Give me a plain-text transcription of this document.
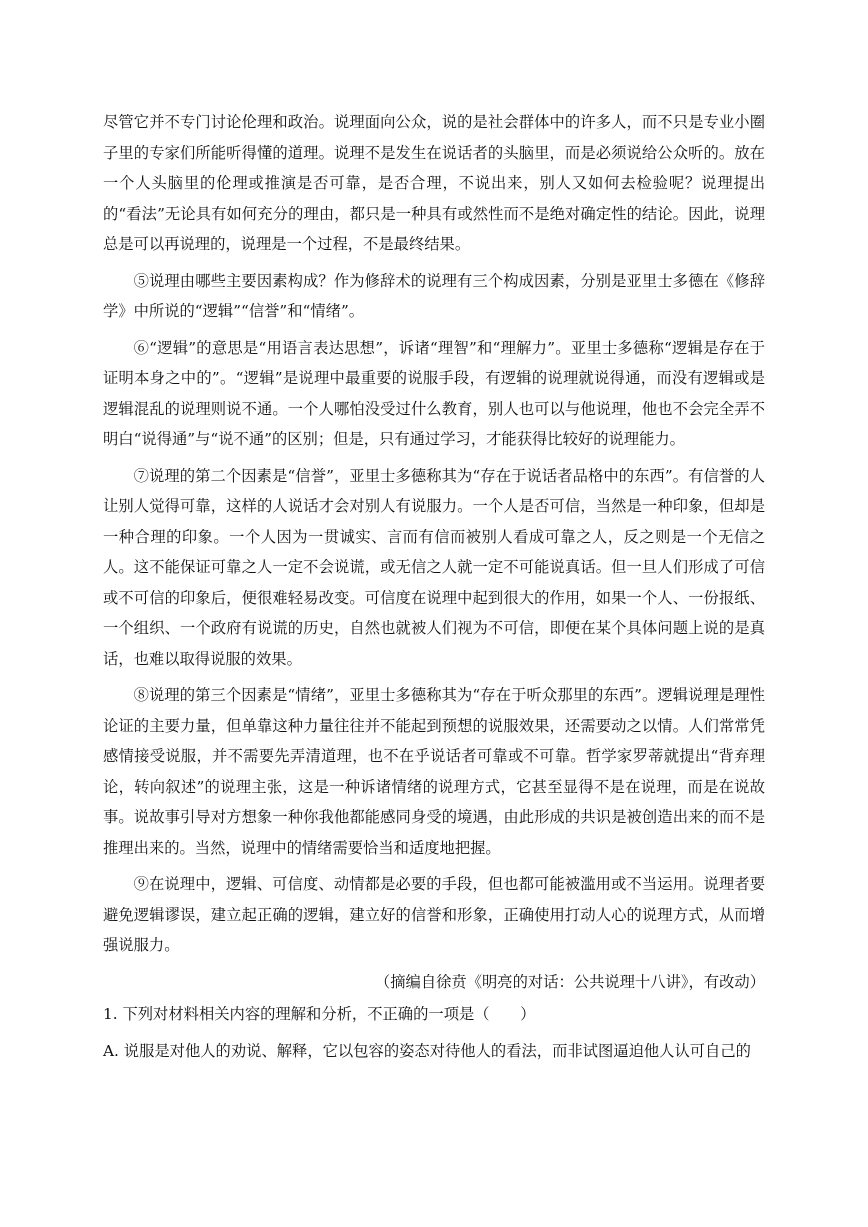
尽管它并不专门讨论伦理和政治。说理面向公众，说的是社会群体中的许多人，而不只是专业小圈子里的专家们所能听得懂的道理。说理不是发生在说话者的头脑里，而是必须说给公众听的。放在一个人头脑里的伦理或推演是否可靠，是否合理，不说出来，别人又如何去检验呢？说理提出的“看法”无论具有如何充分的理由，都只是一种具有或然性而不是绝对确定性的结论。因此，说理总是可以再说理的，说理是一个过程，不是最终结果。

⑤说理由哪些主要因素构成？作为修辞术的说理有三个构成因素，分别是亚里士多德在《修辞学》中所说的“逻辑”“信誉”和“情绪”。

⑥“逻辑”的意思是“用语言表达思想”，诉诸“理智”和“理解力”。亚里士多德称“逻辑是存在于证明本身之中的”。“逻辑”是说理中最重要的说服手段，有逻辑的说理就说得通，而没有逻辑或是逻辑混乱的说理则说不通。一个人哪怕没受过什么教育，别人也可以与他说理，他也不会完全弄不明白“说得通”与“说不通”的区别；但是，只有通过学习，才能获得比较好的说理能力。

⑦说理的第二个因素是“信誉”，亚里士多德称其为“存在于说话者品格中的东西”。有信誉的人让别人觉得可靠，这样的人说话才会对别人有说服力。一个人是否可信，当然是一种印象，但却是一种合理的印象。一个人因为一贯诚实、言而有信而被别人看成可靠之人，反之则是一个无信之人。这不能保证可靠之人一定不会说谎，或无信之人就一定不可能说真话。但一旦人们形成了可信或不可信的印象后，便很难轻易改变。可信度在说理中起到很大的作用，如果一个人、一份报纸、一个组织、一个政府有说谎的历史，自然也就被人们视为不可信，即便在某个具体问题上说的是真话，也难以取得说服的效果。

⑧说理的第三个因素是“情绪”，亚里士多德称其为“存在于听众那里的东西”。逻辑说理是理性论证的主要力量，但单靠这种力量往往并不能起到预想的说服效果，还需要动之以情。人们常常凭感情接受说服，并不需要先弄清道理，也不在乎说话者可靠或不可靠。哲学家罗蒂就提出“背弃理论，转向叙述”的说理主张，这是一种诉诸情绪的说理方式，它甚至显得不是在说理，而是在说故事。说故事引导对方想象一种你我他都能感同身受的境遇，由此形成的共识是被创造出来的而不是推理出来的。当然，说理中的情绪需要恰当和适度地把握。

⑨在说理中，逻辑、可信度、动情都是必要的手段，但也都可能被滥用或不当运用。说理者要避免逻辑谬误，建立起正确的逻辑，建立好的信誉和形象，正确使用打动人心的说理方式，从而增强说服力。

（摘编自徐贲《明亮的对话：公共说理十八讲》，有改动）

1. 下列对材料相关内容的理解和分析，不正确的一项是（　　）

A. 说服是对他人的劝说、解释，它以包容的姿态对待他人的看法，而非试图逼迫他人认可自己的
